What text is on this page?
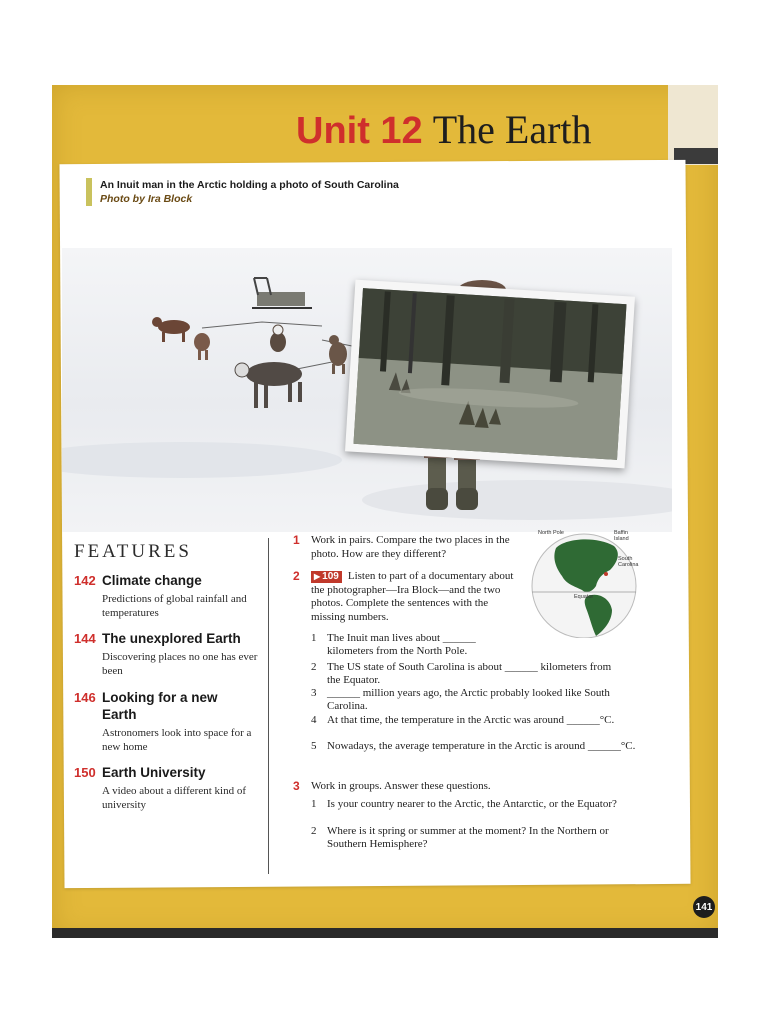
Unit 12 The Earth
An Inuit man in the Arctic holding a photo of South Carolina
Photo by Ira Block
FEATURES
142 Climate change
Predictions of global rainfall and temperatures
144 The unexplored Earth
Discovering places no one has ever been
146 Looking for a new Earth
Astronomers look into space for a new home
150 Earth University
A video about a different kind of university
1 Work in pairs. Compare the two places in the photo. How are they different?
2 ▶ 109 Listen to part of a documentary about the photographer—Ira Block—and the two photos. Complete the sentences with the missing numbers.
1 The Inuit man lives about ______ kilometers from the North Pole.
2 The US state of South Carolina is about ______ kilometers from the Equator.
3 ______ million years ago, the Arctic probably looked like South Carolina.
4 At that time, the temperature in the Arctic was around ______°C.
5 Nowadays, the average temperature in the Arctic is around ______°C.
3 Work in groups. Answer these questions.
1 Is your country nearer to the Arctic, the Antarctic, or the Equator?
2 Where is it spring or summer at the moment? In the Northern or Southern Hemisphere?
North Pole	Baffin Island
South Carolina
Equator
141
